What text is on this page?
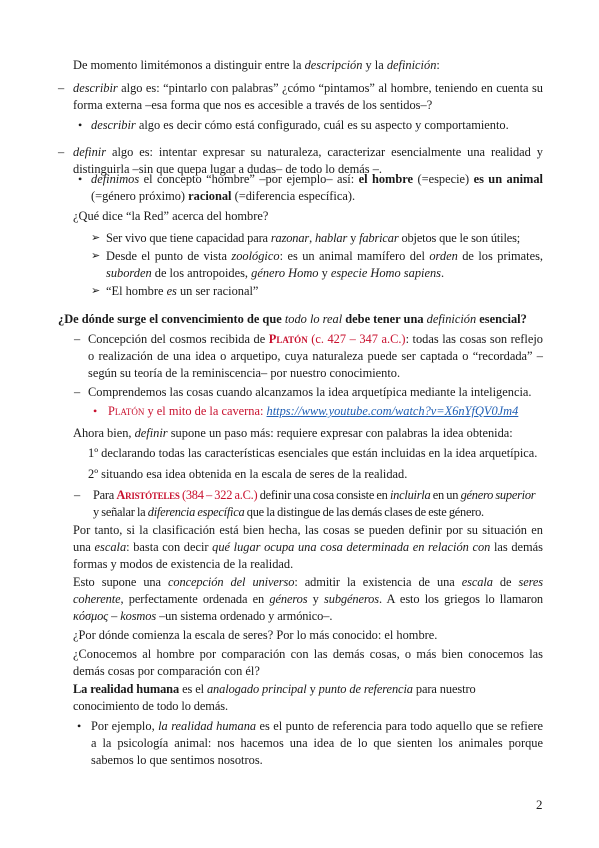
De momento limitémonos a distinguir entre la descripción y la definición:
– describir algo es: “pintarlo con palabras” ¿cómo “pintamos” al hombre, teniendo en cuenta su forma externa –esa forma que nos es accesible a través de los sentidos–?
• describir algo es decir cómo está configurado, cuál es su aspecto y comportamiento.
– definir algo es: intentar expresar su naturaleza, caracterizar esencialmente una realidad y distinguirla –sin que quepa lugar a dudas– de todo lo demás –.
• definimos el concepto “hombre” –por ejemplo– así: el hombre (=especie) es un animal (=género próximo) racional (=diferencia específica).
¿Qué dice “la Red” acerca del hombre?
➢ Ser vivo que tiene capacidad para razonar, hablar y fabricar objetos que le son útiles;
➢ Desde el punto de vista zoológico: es un animal mamífero del orden de los primates, suborden de los antropoides, género Homo y especie Homo sapiens.
➢ “El hombre es un ser racional”
¿De dónde surge el convencimiento de que todo lo real debe tener una definición esencial?
– Concepción del cosmos recibida de Platón (c. 427 – 347 a.C.): todas las cosas son reflejo o realización de una idea o arquetipo, cuya naturaleza puede ser captada o “recordada” –según su teoría de la reminiscencia– por nuestro conocimiento.
– Comprendemos las cosas cuando alcanzamos la idea arquetípica mediante la inteligencia.
• Platón y el mito de la caverna: https://www.youtube.com/watch?v=X6nYfQV0Jm4
Ahora bien, definir supone un paso más: requiere expresar con palabras la idea obtenida:
1º declarando todas las características esenciales que están incluidas en la idea arquetípica.
2º situando esa idea obtenida en la escala de seres de la realidad.
– Para Aristóteles (384 – 322 a.C.) definir una cosa consiste en incluirla en un género superior y señalar la diferencia específica que la distingue de las demás clases de este género.
Por tanto, si la clasificación está bien hecha, las cosas se pueden definir por su situación en una escala: basta con decir qué lugar ocupa una cosa determinada en relación con las demás formas y modos de existencia de la realidad.
Esto supone una concepción del universo: admitir la existencia de una escala de seres coherente, perfectamente ordenada en géneros y subgéneros. A esto los griegos lo llamaron κόσμος – kosmos –un sistema ordenado y armónico–.
¿Por dónde comienza la escala de seres? Por lo más conocido: el hombre.
¿Conocemos al hombre por comparación con las demás cosas, o más bien conocemos las demás cosas por comparación con él?
La realidad humana es el analogado principal y punto de referencia para nuestro conocimiento de todo lo demás.
• Por ejemplo, la realidad humana es el punto de referencia para todo aquello que se refiere a la psicología animal: nos hacemos una idea de lo que sienten los animales porque sabemos lo que sentimos nosotros.
2
